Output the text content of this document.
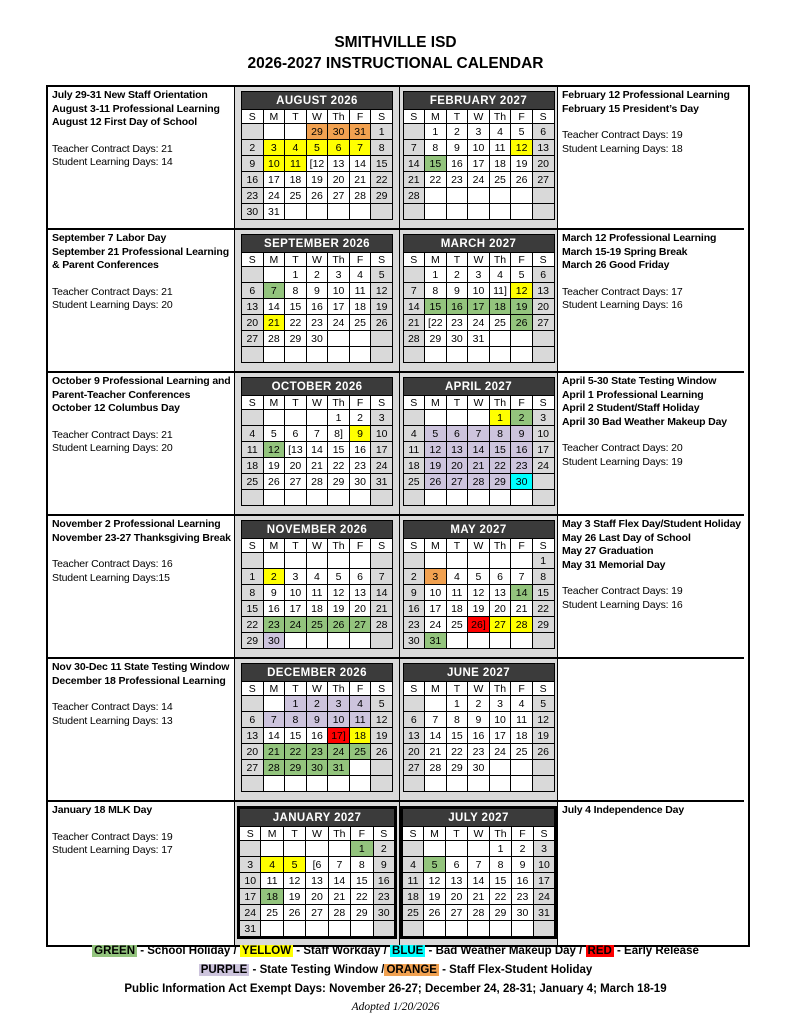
SMITHVILLE ISD
2026-2027 INSTRUCTIONAL CALENDAR
July 29-31 New Staff Orientation
August 3-11 Professional Learning
August 12 First Day of School
Teacher Contract Days: 21
Student Learning Days: 14
AUGUST 2026						
S	M	T	W	Th	F	S
			29	30	31	1
2	3	4	5	6	7	8
9	10	11	[12	13	14	15
16	17	18	19	20	21	22
23	24	25	26	27	28	29
30	31					
FEBRUARY 2027						
S	M	T	W	Th	F	S
	1	2	3	4	5	6
7	8	9	10	11	12	13
14	15	16	17	18	19	20
21	22	23	24	25	26	27
28						

February 12 Professional Learning
February 15 President’s Day
Teacher Contract Days: 19
Student Learning Days: 18
September 7 Labor Day
September 21 Professional Learning
& Parent Conferences
Teacher Contract Days: 21
Student Learning Days: 20
SEPTEMBER 2026						
S	M	T	W	Th	F	S
		1	2	3	4	5
6	7	8	9	10	11	12
13	14	15	16	17	18	19
20	21	22	23	24	25	26
27	28	29	30			

MARCH 2027						
S	M	T	W	Th	F	S
	1	2	3	4	5	6
7	8	9	10	11]	12	13
14	15	16	17	18	19	20
21	[22	23	24	25	26	27
28	29	30	31			

March 12 Professional Learning
March 15-19 Spring Break
March 26 Good Friday
Teacher Contract Days: 17
Student Learning Days: 16
October 9 Professional Learning and
Parent-Teacher Conferences
October 12 Columbus Day
Teacher Contract Days: 21
Student Learning Days: 20
OCTOBER 2026						
S	M	T	W	Th	F	S
				1	2	3
4	5	6	7	8]	9	10
11	12	[13	14	15	16	17
18	19	20	21	22	23	24
25	26	27	28	29	30	31

APRIL 2027						
S	M	T	W	Th	F	S
				1	2	3
4	5	6	7	8	9	10
11	12	13	14	15	16	17
18	19	20	21	22	23	24
25	26	27	28	29	30	

April 5-30 State Testing Window
April 1 Professional Learning
April 2 Student/Staff Holiday
April 30 Bad Weather Makeup Day
Teacher Contract Days: 20
Student Learning Days: 19
November 2 Professional Learning
November 23-27 Thanksgiving Break
Teacher Contract Days: 16
Student Learning Days:15
NOVEMBER 2026						
S	M	T	W	Th	F	S

1	2	3	4	5	6	7
8	9	10	11	12	13	14
15	16	17	18	19	20	21
22	23	24	25	26	27	28
29	30					
MAY 2027						
S	M	T	W	Th	F	S
						1
2	3	4	5	6	7	8
9	10	11	12	13	14	15
16	17	18	19	20	21	22
23	24	25	26]	27	28	29
30	31					
May 3 Staff Flex Day/Student Holiday
May 26 Last Day of School
May 27 Graduation
May 31 Memorial Day
Teacher Contract Days: 19
Student Learning Days: 16
Nov 30-Dec 11 State Testing Window
December 18 Professional Learning
Teacher Contract Days: 14
Student Learning Days: 13
DECEMBER 2026						
S	M	T	W	Th	F	S
		1	2	3	4	5
6	7	8	9	10	11	12
13	14	15	16	17]	18	19
20	21	22	23	24	25	26
27	28	29	30	31		

JUNE 2027						
S	M	T	W	Th	F	S
		1	2	3	4	5
6	7	8	9	10	11	12
13	14	15	16	17	18	19
20	21	22	23	24	25	26
27	28	29	30			

January 18 MLK Day
Teacher Contract Days: 19
Student Learning Days: 17
JANUARY 2027						
S	M	T	W	Th	F	S
					1	2
3	4	5	[6	7	8	9
10	11	12	13	14	15	16
17	18	19	20	21	22	23
24	25	26	27	28	29	30
31						
JULY 2027						
S	M	T	W	Th	F	S
				1	2	3
4	5	6	7	8	9	10
11	12	13	14	15	16	17
18	19	20	21	22	23	24
25	26	27	28	29	30	31

July 4 Independence Day
GREEN - School Holiday / YELLOW - Staff Workday / BLUE - Bad Weather Makeup Day / RED - Early Release
PURPLE - State Testing Window / ORANGE - Staff Flex-Student Holiday
Public Information Act Exempt Days: November 26-27; December 24, 28-31; January 4; March 18-19
Adopted 1/20/2026
